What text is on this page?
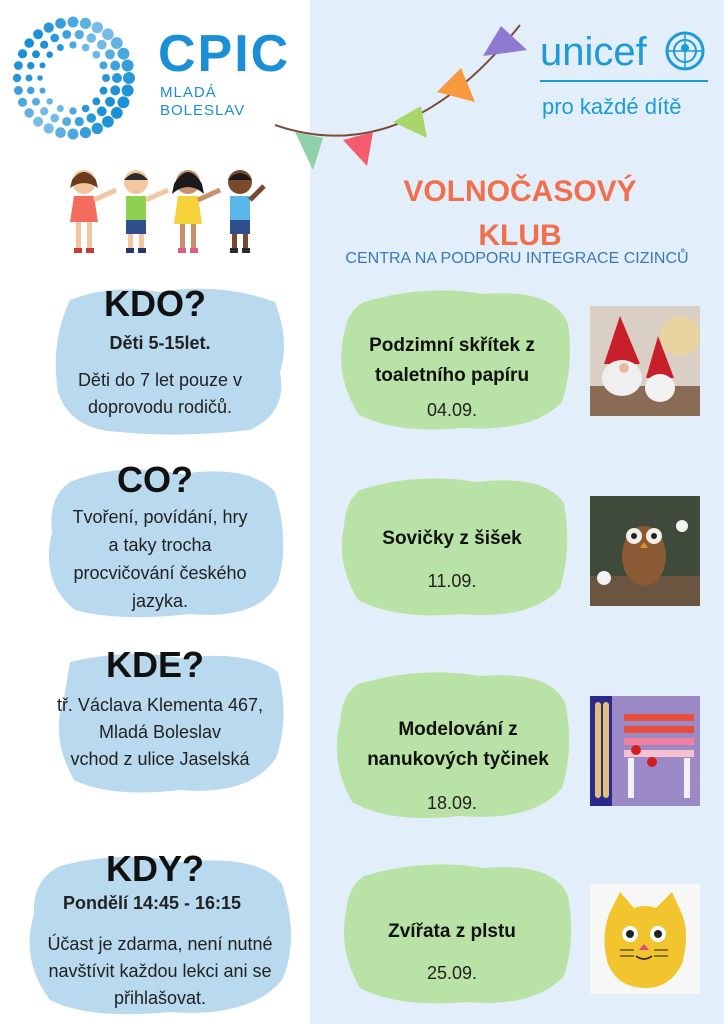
CPIC
MLADÁ
BOLESLAV
unicef
pro každé dítě
VOLNOČASOVÝ
KLUB
CENTRA NA PODPORU INTEGRACE CIZINCŮ
KDO?
Děti 5-15let.
Děti do 7 let pouze v
doprovodu rodičů.
CO?
Tvoření, povídání, hry
a taky trocha
procvičování českého
jazyka.
KDE?
tř. Václava Klementa 467,
Mladá Boleslav
vchod z ulice Jaselská
KDY?
Pondělí 14:45 - 16:15
Účast je zdarma, není nutné
navštívit každou lekci ani se
přihlašovat.
Podzimní skřítek z
toaletního papíru
04.09.
Sovičky z šišek
11.09.
Modelování z
nanukových tyčinek
18.09.
Zvířata z plstu
25.09.
